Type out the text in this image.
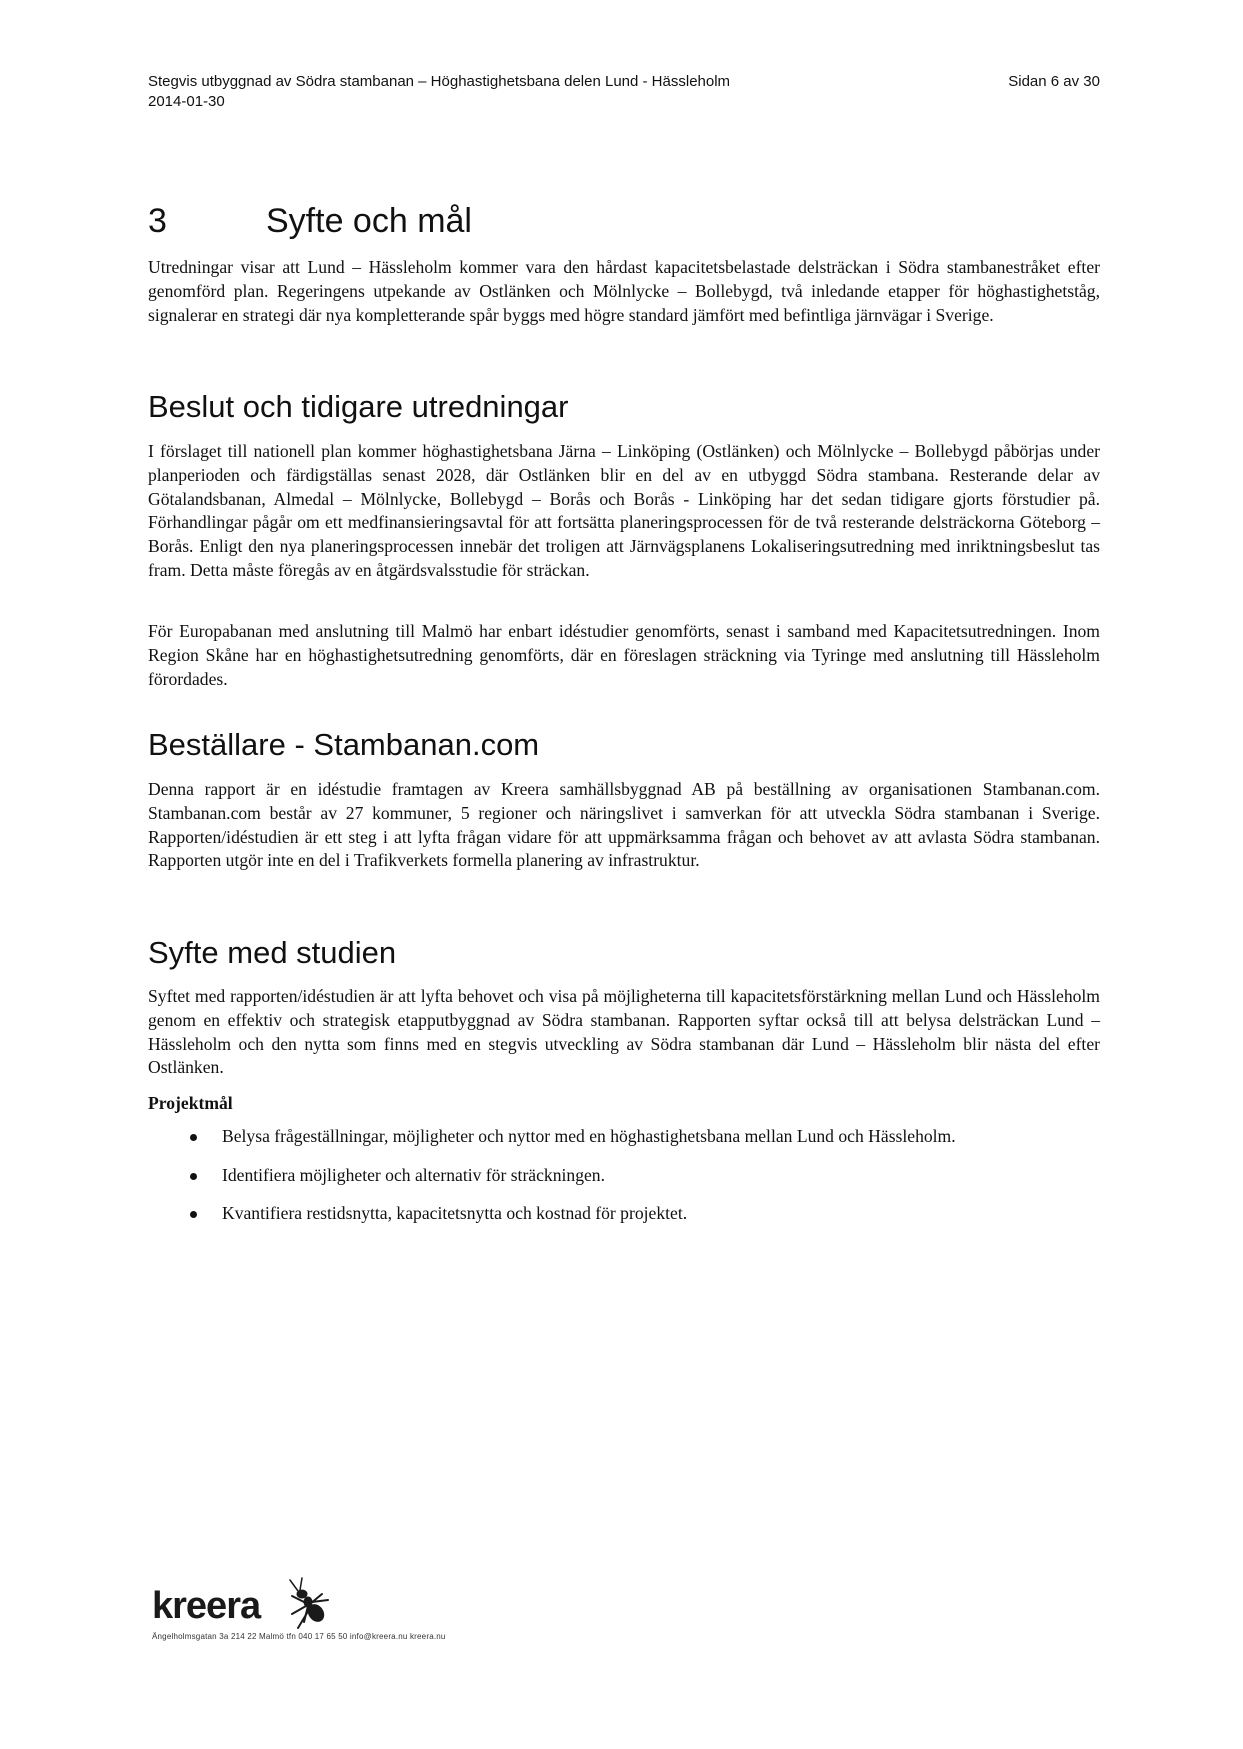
Stegvis utbyggnad av Södra stambanan – Höghastighetsbana delen Lund - Hässleholm
2014-01-30
Sidan 6 av 30
3	Syfte och mål
Utredningar visar att Lund – Hässleholm kommer vara den hårdast kapacitetsbelastade delsträckan i Södra stambanestråket efter genomförd plan. Regeringens utpekande av Ostlänken och Mölnlycke – Bollebygd, två inledande etapper för höghastighetståg, signalerar en strategi där nya kompletterande spår byggs med högre standard jämfört med befintliga järnvägar i Sverige.
Beslut och tidigare utredningar
I förslaget till nationell plan kommer höghastighetsbana Järna – Linköping (Ostlänken) och Mölnlycke – Bollebygd påbörjas under planperioden och färdigställas senast 2028, där Ostlänken blir en del av en utbyggd Södra stambana. Resterande delar av Götalandsbanan, Almedal – Mölnlycke, Bollebygd – Borås och Borås - Linköping har det sedan tidigare gjorts förstudier på. Förhandlingar pågår om ett medfinansieringsavtal för att fortsätta planeringsprocessen för de två resterande delsträckorna Göteborg – Borås. Enligt den nya planeringsprocessen innebär det troligen att Järnvägsplanens Lokaliseringsutredning med inriktningsbeslut tas fram. Detta måste föregås av en åtgärdsvalsstudie för sträckan.
För Europabanan med anslutning till Malmö har enbart idéstudier genomförts, senast i samband med Kapacitetsutredningen. Inom Region Skåne har en höghastighetsutredning genomförts, där en föreslagen sträckning via Tyringe med anslutning till Hässleholm förordades.
Beställare - Stambanan.com
Denna rapport är en idéstudie framtagen av Kreera samhällsbyggnad AB på beställning av organisationen Stambanan.com. Stambanan.com består av 27 kommuner, 5 regioner och näringslivet i samverkan för att utveckla Södra stambanan i Sverige. Rapporten/idéstudien är ett steg i att lyfta frågan vidare för att uppmärksamma frågan och behovet av att avlasta Södra stambanan. Rapporten utgör inte en del i Trafikverkets formella planering av infrastruktur.
Syfte med studien
Syftet med rapporten/idéstudien är att lyfta behovet och visa på möjligheterna till kapacitetsförstärkning mellan Lund och Hässleholm genom en effektiv och strategisk etapputbyggnad av Södra stambanan. Rapporten syftar också till att belysa delsträckan Lund – Hässleholm och den nytta som finns med en stegvis utveckling av Södra stambanan där Lund – Hässleholm blir nästa del efter Ostlänken.
Projektmål
Belysa frågeställningar, möjligheter och nyttor med en höghastighetsbana mellan Lund och Hässleholm.
Identifiera möjligheter och alternativ för sträckningen.
Kvantifiera restidsnytta, kapacitetsnytta och kostnad för projektet.
kreera
Ängelholmsgatan 3a 214 22 Malmö tfn 040 17 65 50 info@kreera.nu kreera.nu
